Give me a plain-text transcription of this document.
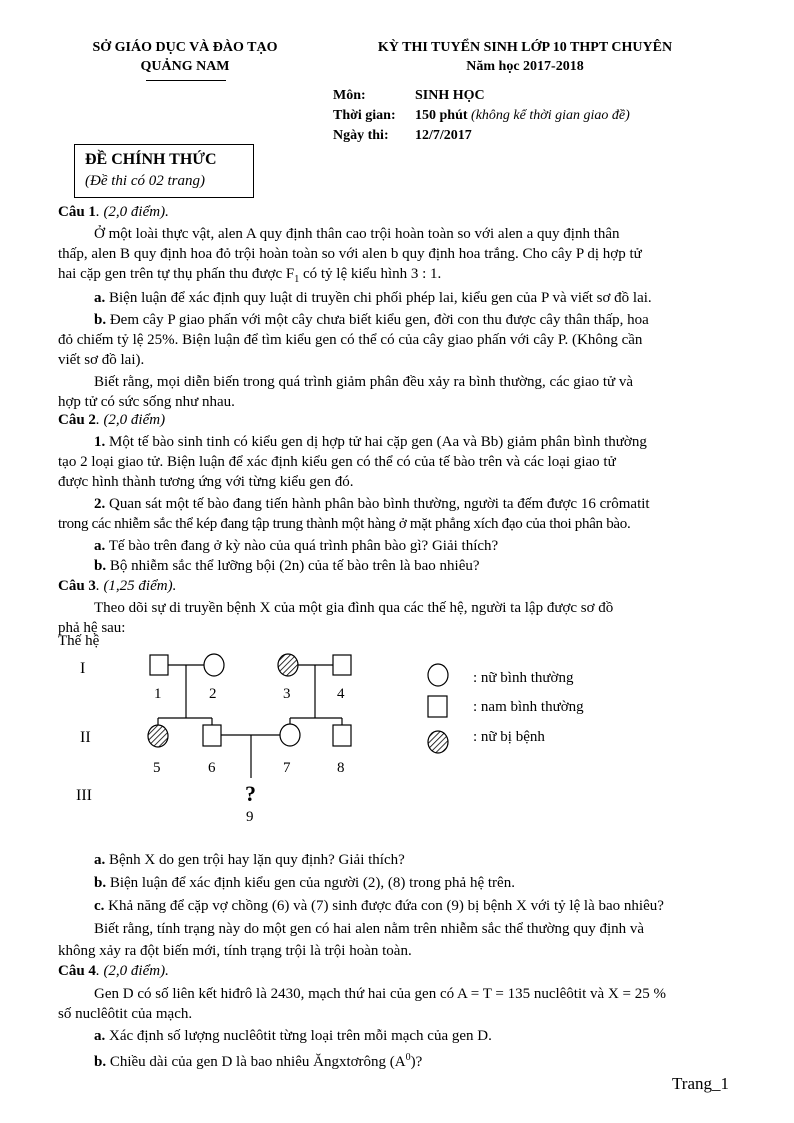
SỞ GIÁO DỤC VÀ ĐÀO TẠO
QUẢNG NAM
KỲ THI TUYỂN SINH LỚP 10 THPT CHUYÊN
Năm học 2017-2018
Môn:	SINH HỌC
Thời gian: 150 phút (không kể thời gian giao đề)
Ngày thi: 12/7/2017
ĐỀ CHÍNH THỨC
(Đề thi có 02 trang)
Câu 1. (2,0 điểm).
Ở một loài thực vật, alen A quy định thân cao trội hoàn toàn so với alen a quy định thân
thấp, alen B quy định hoa đỏ trội hoàn toàn so với alen b quy định hoa trắng. Cho cây P dị hợp tử
hai cặp gen trên tự thụ phấn thu được $F_1$ có tỷ lệ kiểu hình 3 : 1.
a. Biện luận để xác định quy luật di truyền chi phối phép lai, kiểu gen của P và viết sơ đồ lai.
b. Đem cây P giao phấn với một cây chưa biết kiểu gen, đời con thu được cây thân thấp, hoa
đỏ chiếm tỷ lệ 25%. Biện luận để tìm kiểu gen có thể có của cây giao phấn với cây P. (Không cần
viết sơ đồ lai).
Biết rằng, mọi diễn biến trong quá trình giảm phân đều xảy ra bình thường, các giao tử và
hợp tử có sức sống như nhau.
Câu 2. (2,0 điểm)
1. Một tế bào sinh tinh có kiểu gen dị hợp tử hai cặp gen (Aa và Bb) giảm phân bình thường
tạo 2 loại giao tử. Biện luận để xác định kiểu gen có thể có của tế bào trên và các loại giao tử
được hình thành tương ứng với từng kiểu gen đó.
2. Quan sát một tế bào đang tiến hành phân bào bình thường, người ta đếm được 16 crômatit
trong các nhiễm sắc thể kép đang tập trung thành một hàng ở mặt phẳng xích đạo của thoi phân bào.
a. Tế bào trên đang ở kỳ nào của quá trình phân bào gì? Giải thích?
b. Bộ nhiễm sắc thể lưỡng bội (2n) của tế bào trên là bao nhiêu?
Câu 3. (1,25 điểm).
Theo dõi sự di truyền bệnh X của một gia đình qua các thế hệ, người ta lập được sơ đồ
phả hệ sau:
Thế hệ
I
II
III
1	2	3	4
5	6	7	8
?
9
: nữ bình thường
: nam bình thường
: nữ bị bệnh
a. Bệnh X do gen trội hay lặn quy định? Giải thích?
b. Biện luận để xác định kiểu gen của người (2), (8) trong phả hệ trên.
c. Khả năng để cặp vợ chồng (6) và (7) sinh được đứa con (9) bị bệnh X với tỷ lệ là bao nhiêu?
Biết rằng, tính trạng này do một gen có hai alen nằm trên nhiễm sắc thể thường quy định và
không xảy ra đột biến mới, tính trạng trội là trội hoàn toàn.
Câu 4. (2,0 điểm).
Gen D có số liên kết hiđrô là 2430, mạch thứ hai của gen có A = T = 135 nuclêôtit và X = 25 %
số nuclêôtit của mạch.
a. Xác định số lượng nuclêôtit từng loại trên mỗi mạch của gen D.
b. Chiều dài của gen D là bao nhiêu Ăngxtơrông $(A^0)$?
Trang_1
